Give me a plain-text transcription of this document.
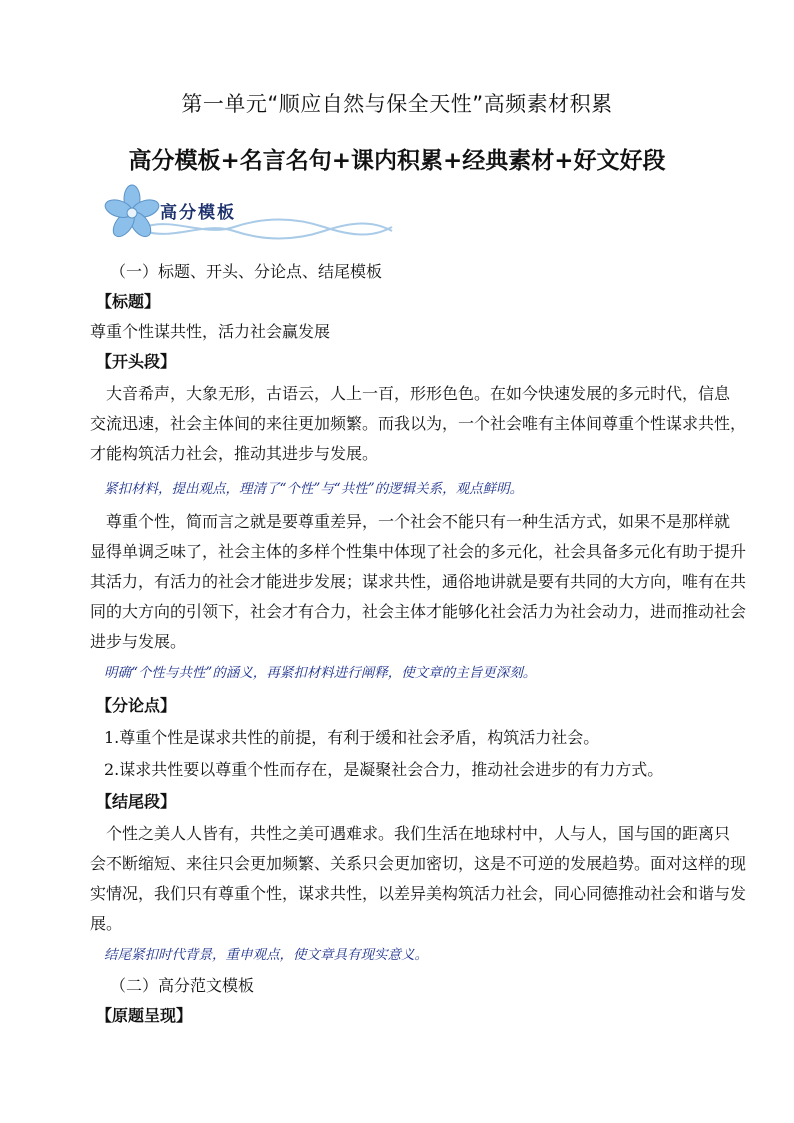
第一单元“顺应自然与保全天性”高频素材积累
高分模板+名言名句+课内积累+经典素材+好文好段
高分模板
（一）标题、开头、分论点、结尾模板
【标题】
尊重个性谋共性，活力社会赢发展
【开头段】
大音希声，大象无形，古语云，人上一百，形形色色。在如今快速发展的多元时代，信息
交流迅速，社会主体间的来往更加频繁。而我以为，一个社会唯有主体间尊重个性谋求共性，
才能构筑活力社会，推动其进步与发展。
紧扣材料，提出观点，理清了“个性”与“共性”的逻辑关系，观点鲜明。
尊重个性，简而言之就是要尊重差异，一个社会不能只有一种生活方式，如果不是那样就
显得单调乏味了，社会主体的多样个性集中体现了社会的多元化，社会具备多元化有助于提升
其活力，有活力的社会才能进步发展；谋求共性，通俗地讲就是要有共同的大方向，唯有在共
同的大方向的引领下，社会才有合力，社会主体才能够化社会活力为社会动力，进而推动社会
进步与发展。
明确“个性与共性”的涵义，再紧扣材料进行阐释，使文章的主旨更深刻。
【分论点】
1.尊重个性是谋求共性的前提，有利于缓和社会矛盾，构筑活力社会。
2.谋求共性要以尊重个性而存在，是凝聚社会合力，推动社会进步的有力方式。
【结尾段】
个性之美人人皆有，共性之美可遇难求。我们生活在地球村中，人与人，国与国的距离只
会不断缩短、来往只会更加频繁、关系只会更加密切，这是不可逆的发展趋势。面对这样的现
实情况，我们只有尊重个性，谋求共性，以差异美构筑活力社会，同心同德推动社会和谐与发
展。
结尾紧扣时代背景，重申观点，使文章具有现实意义。
（二）高分范文模板
【原题呈现】
